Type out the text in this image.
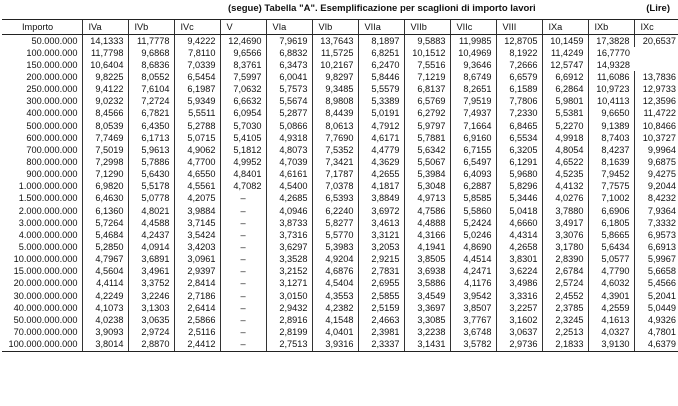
(segue) Tabella "A". Esemplificazione per scaglioni di importo lavori	(Lire)
Importo	IVa	IVb	IVc	V	VIa	VIb	VIIa	VIIb	VIIc	VIII	IXa	IXb	IXc
50.000.000	14,1333	11,7778	9,4222	12,4690	7,9619	13,7643	8,1897	9,5883	11,9985	12,8705	10,1459	17,3828	20,6537
100.000.000	11,7798	9,6868	7,8110	9,6566	6,8832	11,5725	6,8251	10,1512	10,4969	8,1922	11,4249	16,7770	
150.000.000	10,6404	8,6836	7,0339	8,3761	6,3473	10,2167	6,2470	7,5516	9,3646	7,2666	12,5747	14,9328	
200.000.000	9,8225	8,0552	6,5454	7,5997	6,0041	9,8297	5,8446	7,1219	8,6749	6,6579	6,6912	11,6086	13,7836
250.000.000	9,4122	7,6104	6,1987	7,0632	5,7573	9,3485	5,5579	6,8137	8,2651	6,1589	6,2864	10,9723	12,9733
300.000.000	9,0232	7,2724	5,9349	6,6632	5,5674	8,9808	5,3389	6,5769	7,9519	7,7806	5,9801	10,4113	12,3596
400.000.000	8,4566	6,7821	5,5511	6,0954	5,2877	8,4439	5,0191	6,2792	7,4937	7,2330	5,5381	9,6650	11,4722
500.000.000	8,0539	6,4350	5,2788	5,7030	5,0866	8,0613	4,7912	5,9797	7,1664	6,8465	5,2270	9,1389	10,8466
600.000.000	7,7469	6,1713	5,0715	5,4105	4,9318	7,7690	4,6171	5,7881	6,9160	6,5534	4,9918	8,7403	10,3727
700.000.000	7,5019	5,9613	4,9062	5,1812	4,8073	7,5352	4,4779	5,6342	6,7155	6,3205	4,8054	8,4237	9,9964
800.000.000	7,2998	5,7886	4,7700	4,9952	4,7039	7,3421	4,3629	5,5067	6,5497	6,1291	4,6522	8,1639	9,6875
900.000.000	7,1290	5,6430	4,6550	4,8401	4,6161	7,1787	4,2655	5,3984	6,4093	5,9680	4,5235	7,9452	9,4275
1.000.000.000	6,9820	5,5178	4,5561	4,7082	4,5400	7,0378	4,1817	5,3048	6,2887	5,8296	4,4132	7,7575	9,2044
1.500.000.000	6,4630	5,0778	4,2075	–	4,2685	6,5393	3,8849	4,9713	5,8585	5,3446	4,0276	7,1002	8,4232
2.000.000.000	6,1360	4,8021	3,9884	–	4,0946	6,2240	3,6972	4,7586	5,5860	5,0418	3,7880	6,6906	7,9364
3.000.000.000	5,7264	4,4588	3,7145	–	3,8733	5,8277	3,4613	4,4888	5,2424	4,6660	3,4917	6,1805	7,3332
4.000.000.000	5,4684	4,2437	3,5424	–	3,7316	5,5770	3,3121	4,3166	5,0246	4,4314	3,3076	5,8665	6,9573
5.000.000.000	5,2850	4,0914	3,4203	–	3,6297	5,3983	3,2053	4,1941	4,8690	4,2658	3,1780	5,6434	6,6913
10.000.000.000	4,7967	3,6891	3,0961	–	3,3528	4,9204	2,9215	3,8505	4,4514	3,8301	2,8390	5,0577	5,9967
15.000.000.000	4,5604	3,4961	2,9397	–	3,2152	4,6876	2,7831	3,6938	4,2471	3,6224	2,6784	4,7790	5,6658
20.000.000.000	4,4114	3,3752	2,8414	–	3,1271	4,5404	2,6955	3,5886	4,1176	3,4986	2,5724	4,6032	5,4566
30.000.000.000	4,2249	3,2246	2,7186	–	3,0150	4,3553	2,5855	3,4549	3,9542	3,3316	2,4552	4,3901	5,2041
40.000.000.000	4,1073	3,1303	2,6414	–	2,9432	4,2382	2,5159	3,3697	3,8507	3,2257	2,3785	4,2559	5,0449
50.000.000.000	4,0238	3,0635	2,5866	–	2,8916	4,1548	2,4663	3,3085	3,7767	3,1602	2,3245	4,1613	4,9326
70.000.000.000	3,9093	2,9724	2,5116	–	2,8199	4,0401	2,3981	3,2238	3,6748	3,0637	2,2513	4,0327	4,7801
100.000.000.000	3,8014	2,8870	2,4412	–	2,7513	3,9316	2,3337	3,1431	3,5782	2,9736	2,1833	3,9130	4,6379
